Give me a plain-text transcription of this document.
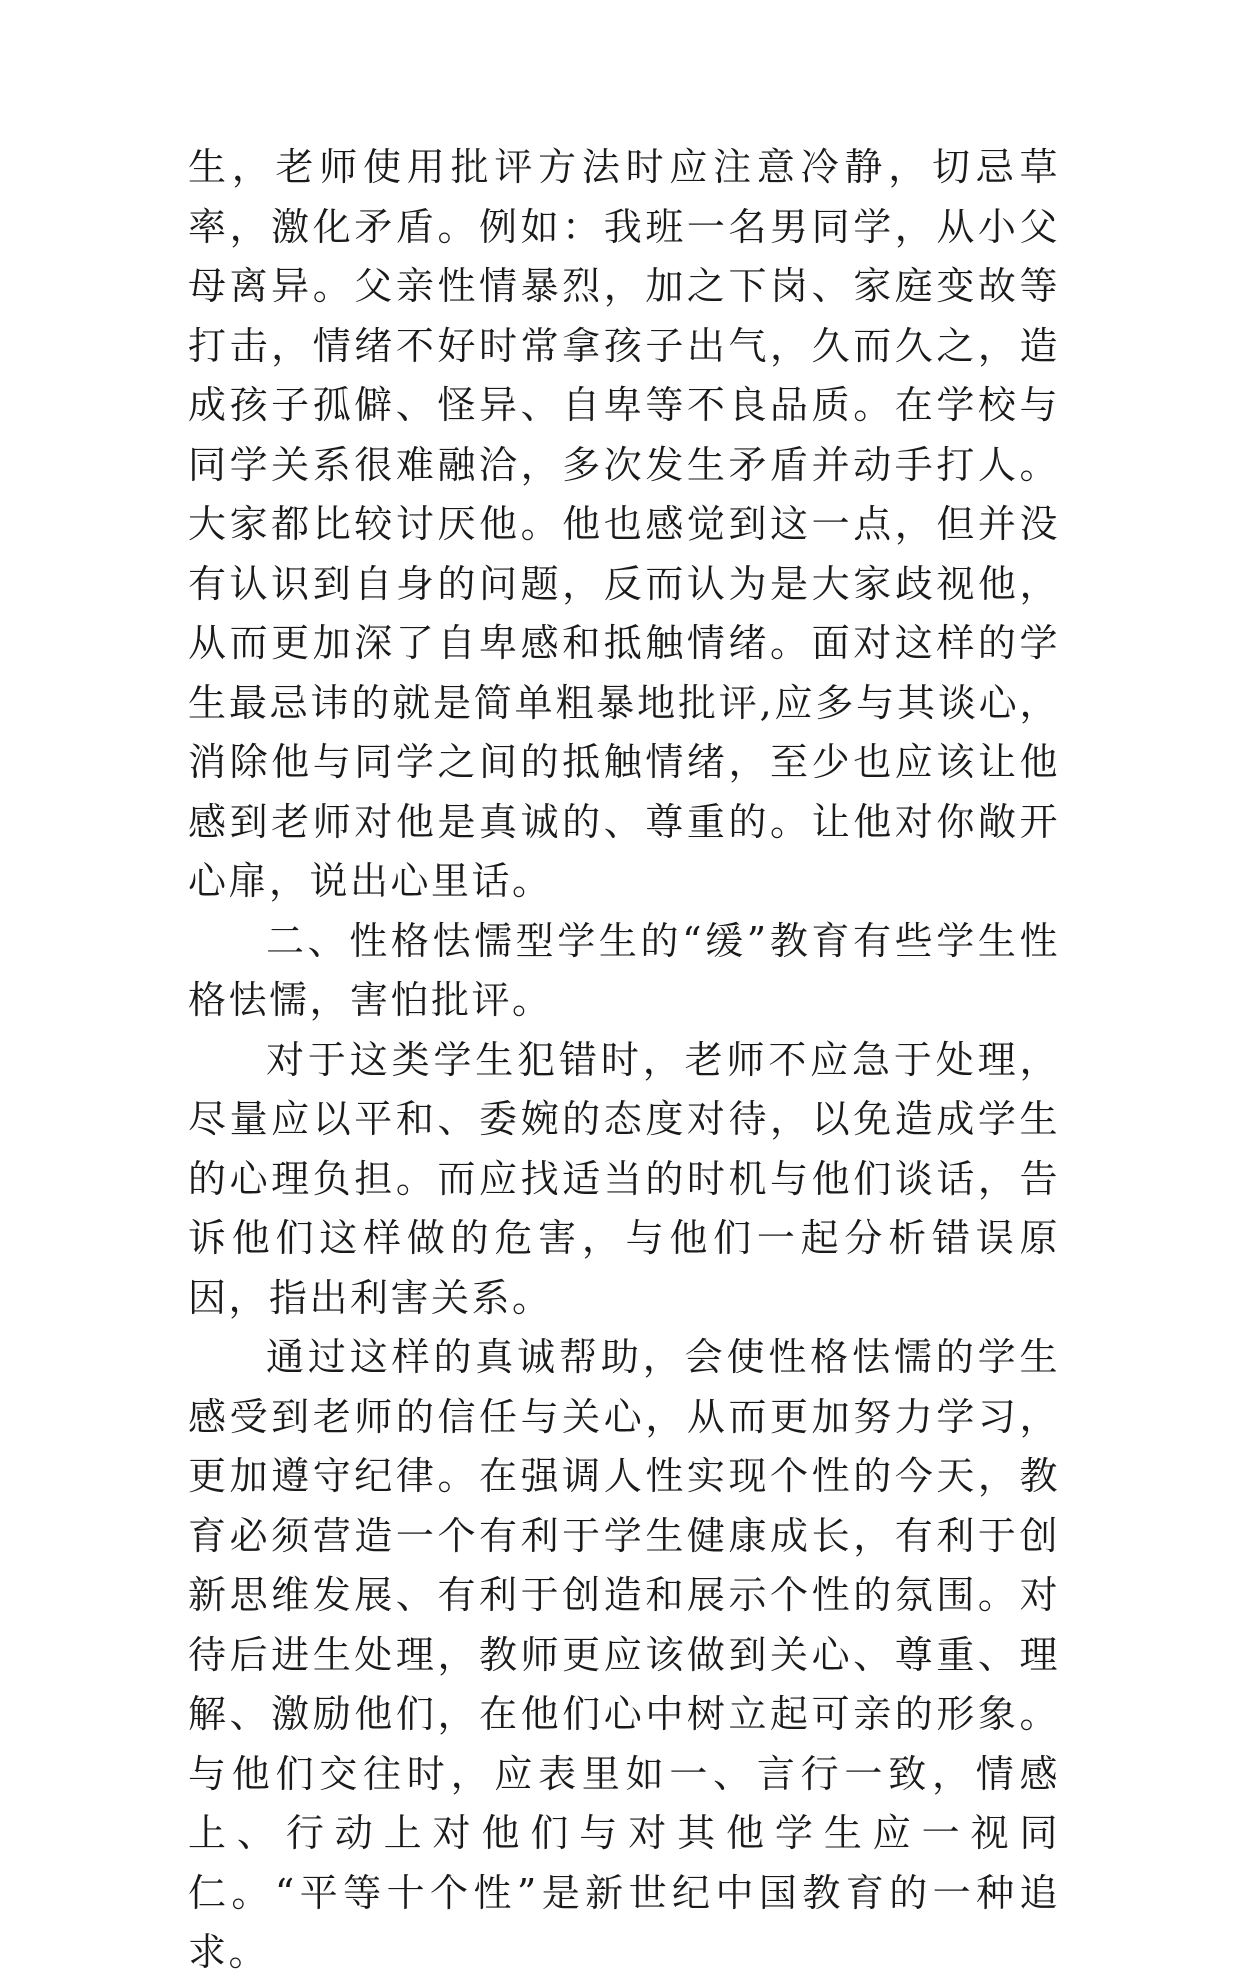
生，老师使用批评方法时应注意冷静，切忌草率，激化矛盾。例如：我班一名男同学，从小父母离异。父亲性情暴烈，加之下岗、家庭变故等打击，情绪不好时常拿孩子出气，久而久之，造成孩子孤僻、怪异、自卑等不良品质。在学校与同学关系很难融洽，多次发生矛盾并动手打人。大家都比较讨厌他。他也感觉到这一点，但并没有认识到自身的问题，反而认为是大家歧视他，从而更加深了自卑感和抵触情绪。面对这样的学生最忌讳的就是简单粗暴地批评,应多与其谈心，消除他与同学之间的抵触情绪，至少也应该让他感到老师对他是真诚的、尊重的。让他对你敞开心扉，说出心里话。

二、性格怯懦型学生的“缓”教育有些学生性格怯懦，害怕批评。

对于这类学生犯错时，老师不应急于处理，尽量应以平和、委婉的态度对待，以免造成学生的心理负担。而应找适当的时机与他们谈话，告诉他们这样做的危害，与他们一起分析错误原因，指出利害关系。

通过这样的真诚帮助，会使性格怯懦的学生感受到老师的信任与关心，从而更加努力学习，更加遵守纪律。在强调人性实现个性的今天，教育必须营造一个有利于学生健康成长，有利于创新思维发展、有利于创造和展示个性的氛围。对待后进生处理，教师更应该做到关心、尊重、理解、激励他们，在他们心中树立起可亲的形象。与他们交往时，应表里如一、言行一致，情感上、行动上对他们与对其他学生应一视同仁。“平等十个性”是新世纪中国教育的一种追求。
